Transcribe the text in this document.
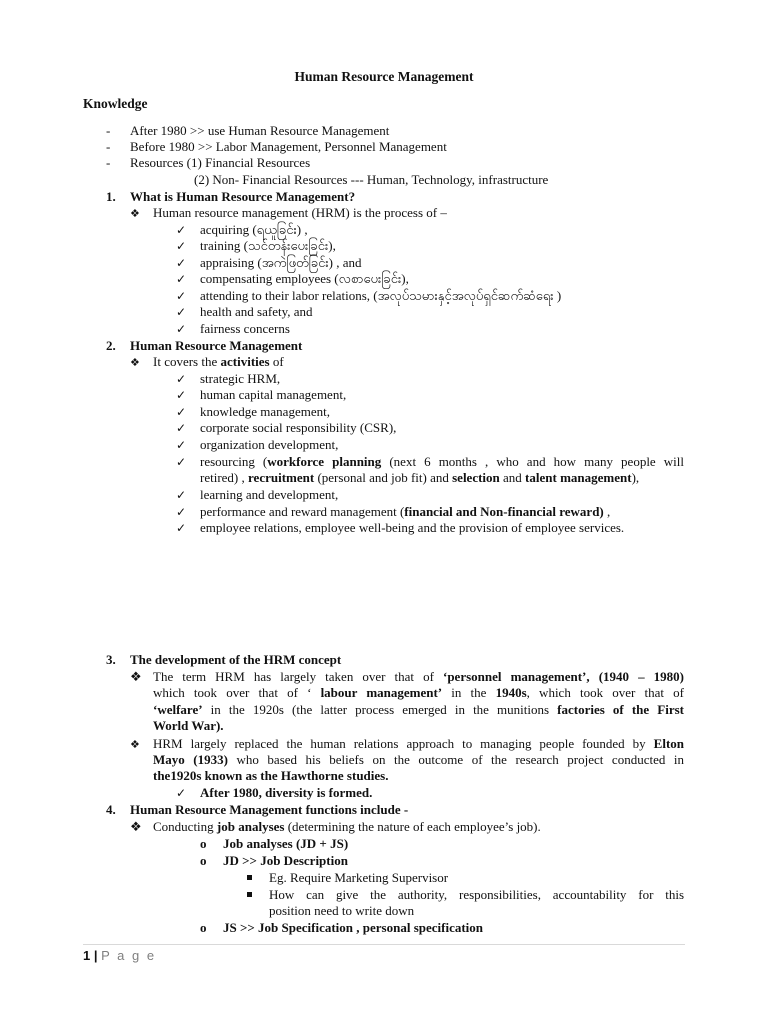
Human Resource Management
Knowledge
- After 1980 >> use Human Resource Management
- Before 1980 >> Labor Management, Personnel Management
- Resources (1) Financial Resources
(2) Non- Financial Resources --- Human, Technology, infrastructure
1. What is Human Resource Management?
❖
Human resource management (HRM) is the process of –
✓
acquiring (ရယူခြင်း) ,
✓
training (သင်တန်းပေးခြင်း),
✓
appraising (အကဲဖြတ်ခြင်း) , and
✓
compensating employees (လစာပေးခြင်း),
✓
attending to their labor relations, (အလုပ်သမားနှင့်အလုပ်ရှင်ဆက်ဆံရေး )
✓
health and safety, and
✓
fairness concerns
2. Human Resource Management
❖
It covers the activities of
✓
strategic HRM,
✓
human capital management,
✓
knowledge management,
✓
corporate social responsibility (CSR),
✓
organization development,
✓
resourcing (workforce planning (next 6 months , who and how many people will
retired) , recruitment (personal and job fit) and selection and talent management),
✓
learning and development,
✓
performance and reward management (financial and Non-financial reward) ,
✓
employee relations, employee well-being and the provision of employee services.
3. The development of the HRM concept
❖
The term HRM has largely taken over that of ‘personnel management’, (1940 – 1980)
which took over that of ‘ labour management’ in the 1940s, which took over that of
‘welfare’ in the 1920s (the latter process emerged in the munitions factories of the First
World War).
❖
HRM largely replaced the human relations approach to managing people founded by Elton
Mayo (1933) who based his beliefs on the outcome of the research project conducted in
the1920s known as the Hawthorne studies.
✓
After 1980, diversity is formed.
4. Human Resource Management functions include -
❖
Conducting job analyses (determining the nature of each employee’s job).
o
Job analyses (JD + JS)
o
JD >> Job Description
Eg. Require Marketing Supervisor
How can give the authority, responsibilities, accountability for this
position need to write down
o
JS >> Job Specification , personal specification
1 | P a g e
